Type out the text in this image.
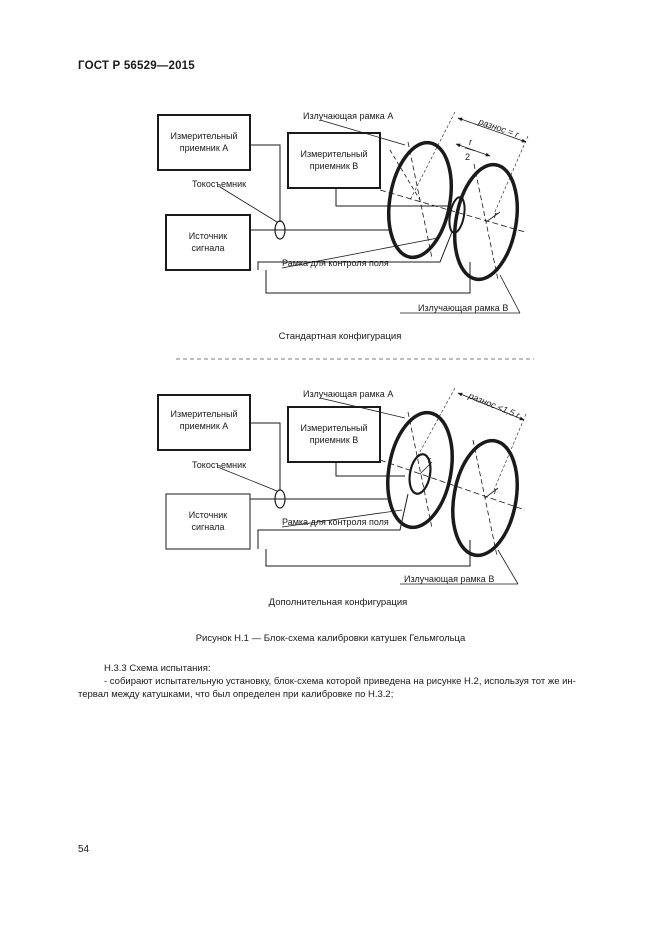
ГОСТ Р 56529—2015
Измерительный
приемник А
Измерительный
приемник В
Источник
сигнала
Токосъемник
Излучающая рамка А
Рамка для контроля поля
Излучающая рамка В
разнос = r
r
2
r
Стандартная конфигурация
Измерительный
приемник А	Измерительный
приемник В
Источник
сигнала
Токосъемник
Излучающая рамка А
Рамка для контроля поля
Излучающая рамка В
разнос <1,5 r
r
r
Дополнительная конфигурация
Рисунок Н.1 — Блок-схема калибровки катушек Гельмгольца
Н.3.3 Схема испытания:
- собирают испытательную установку, блок-схема которой приведена на рисунке Н.2, используя тот же ин-
тервал между катушками, что был определен при калибровке по Н.3.2;
54
